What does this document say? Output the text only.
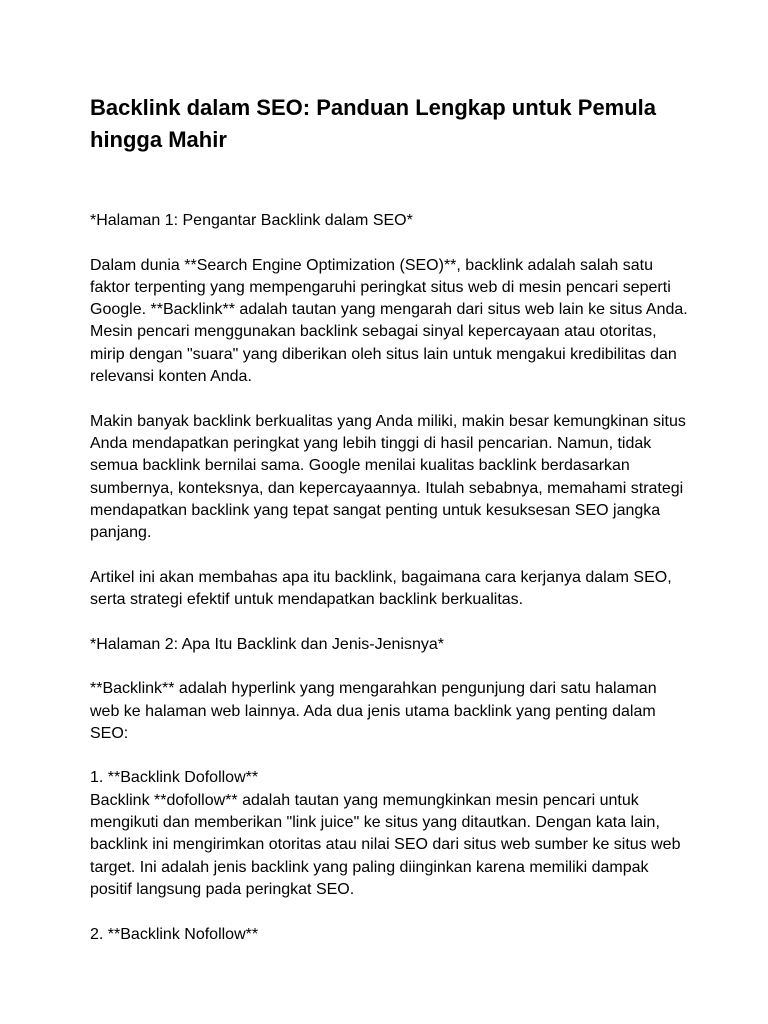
Backlink dalam SEO: Panduan Lengkap untuk Pemula hingga Mahir

*Halaman 1: Pengantar Backlink dalam SEO*

Dalam dunia **Search Engine Optimization (SEO)**, backlink adalah salah satu faktor terpenting yang mempengaruhi peringkat situs web di mesin pencari seperti Google. **Backlink** adalah tautan yang mengarah dari situs web lain ke situs Anda. Mesin pencari menggunakan backlink sebagai sinyal kepercayaan atau otoritas, mirip dengan "suara" yang diberikan oleh situs lain untuk mengakui kredibilitas dan relevansi konten Anda.

Makin banyak backlink berkualitas yang Anda miliki, makin besar kemungkinan situs Anda mendapatkan peringkat yang lebih tinggi di hasil pencarian. Namun, tidak semua backlink bernilai sama. Google menilai kualitas backlink berdasarkan sumbernya, konteksnya, dan kepercayaannya. Itulah sebabnya, memahami strategi mendapatkan backlink yang tepat sangat penting untuk kesuksesan SEO jangka panjang.

Artikel ini akan membahas apa itu backlink, bagaimana cara kerjanya dalam SEO, serta strategi efektif untuk mendapatkan backlink berkualitas.

*Halaman 2: Apa Itu Backlink dan Jenis-Jenisnya*

**Backlink** adalah hyperlink yang mengarahkan pengunjung dari satu halaman web ke halaman web lainnya. Ada dua jenis utama backlink yang penting dalam SEO:

1. **Backlink Dofollow**
Backlink **dofollow** adalah tautan yang memungkinkan mesin pencari untuk mengikuti dan memberikan "link juice" ke situs yang ditautkan. Dengan kata lain, backlink ini mengirimkan otoritas atau nilai SEO dari situs web sumber ke situs web target. Ini adalah jenis backlink yang paling diinginkan karena memiliki dampak positif langsung pada peringkat SEO.

2. **Backlink Nofollow**
